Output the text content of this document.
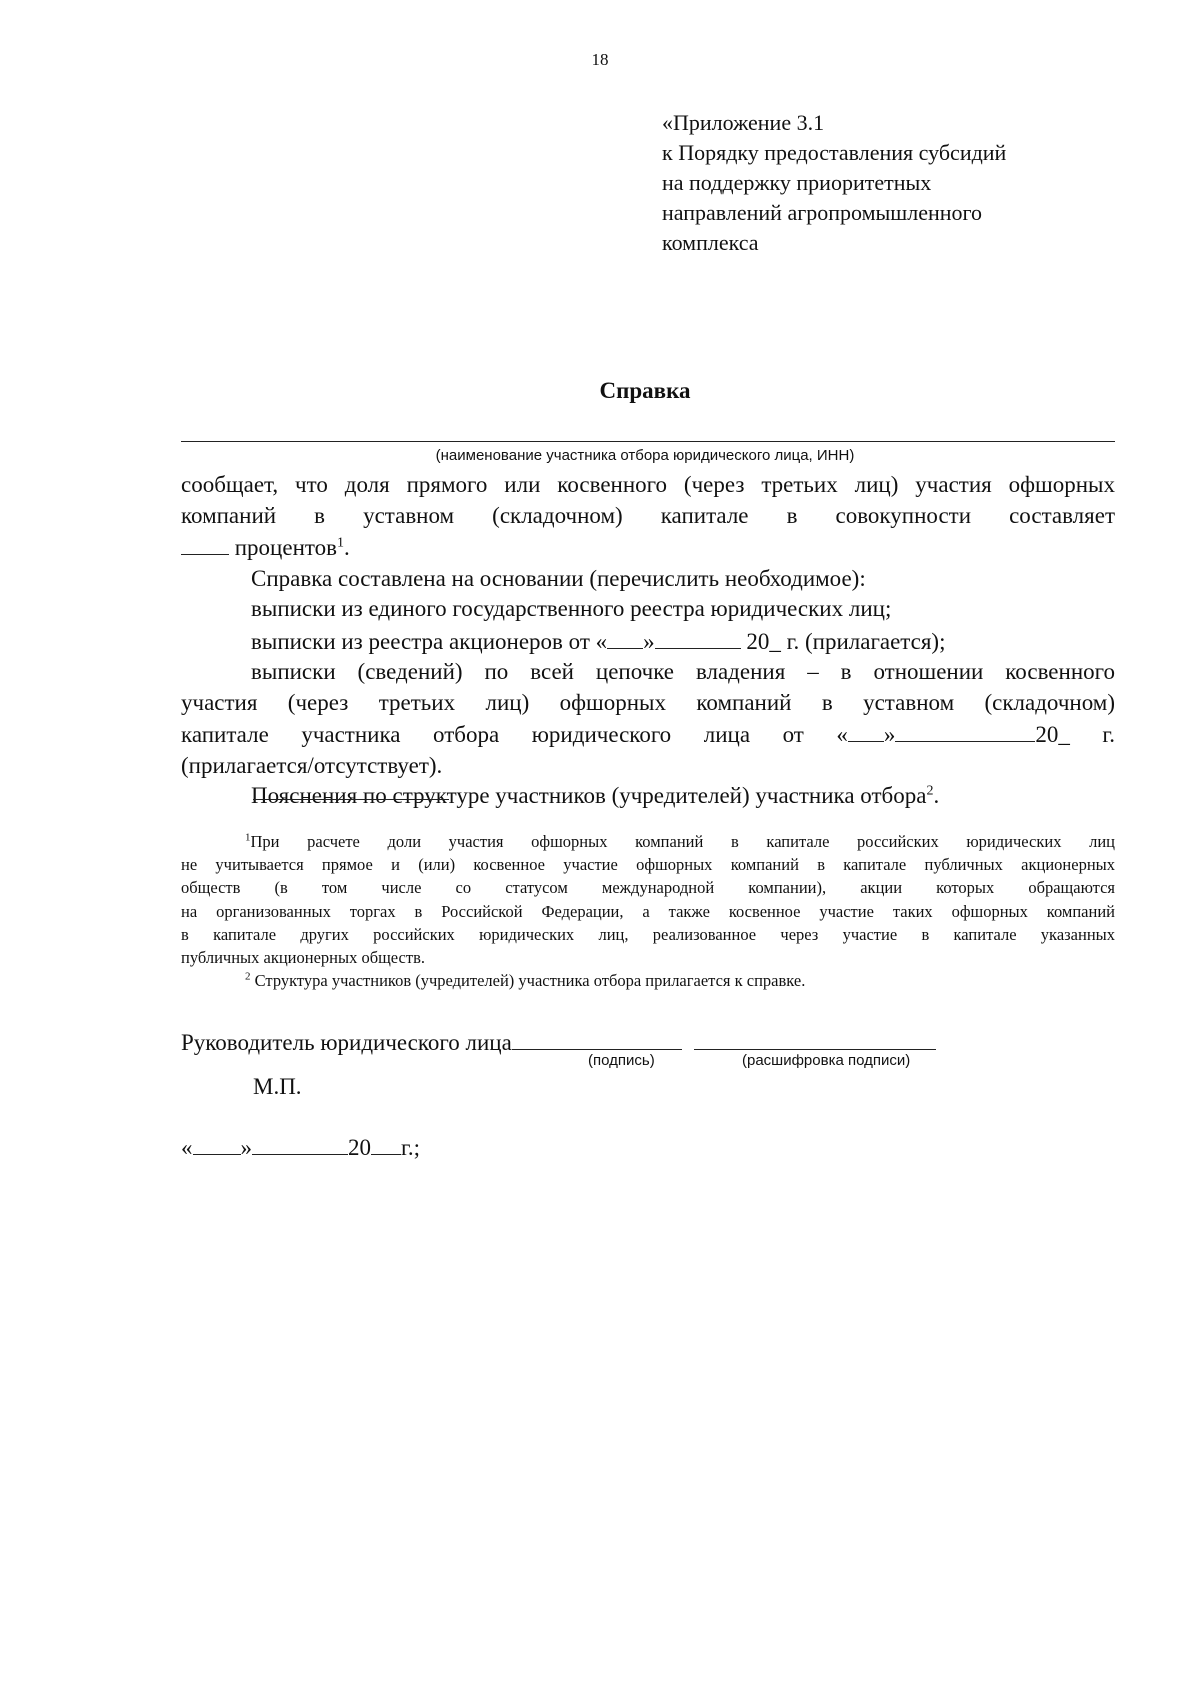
18
«Приложение 3.1
к Порядку предоставления субсидий
на поддержку приоритетных
направлений агропромышленного
комплекса
Справка
(наименование участника отбора юридического лица, ИНН)
сообщает, что доля прямого или косвенного (через третьих лиц) участия офшорных
компаний в уставном (складочном) капитале в совокупности составляет
процентов$^1$.
Справка составлена на основании (перечислить необходимое):
выписки из единого государственного реестра юридических лиц;
выписки из реестра акционеров от « »	20_ г. (прилагается);
выписки (сведений) по всей цепочке владения – в отношении косвенного
участия (через третьих лиц) офшорных компаний в уставном (складочном)
капитале участника отбора юридического лица от « »	20_ г.
(прилагается/отсутствует).
Пояснения по структуре участников (учредителей) участника отбора$^2$.
$^1$При расчете доли участия офшорных компаний в капитале российских юридических лиц
не учитывается прямое и (или) косвенное участие офшорных компаний в капитале публичных акционерных
обществ (в том числе со статусом международной компании), акции которых обращаются
на организованных торгах в Российской Федерации, а также косвенное участие таких офшорных компаний
в капитале других российских юридических лиц, реализованное через участие в капитале указанных
публичных акционерных обществ.
$^2$ Структура участников (учредителей) участника отбора прилагается к справке.
Руководитель юридического лица
(подпись)	(расшифровка подписи)
М.П.
« »	20 г.;
